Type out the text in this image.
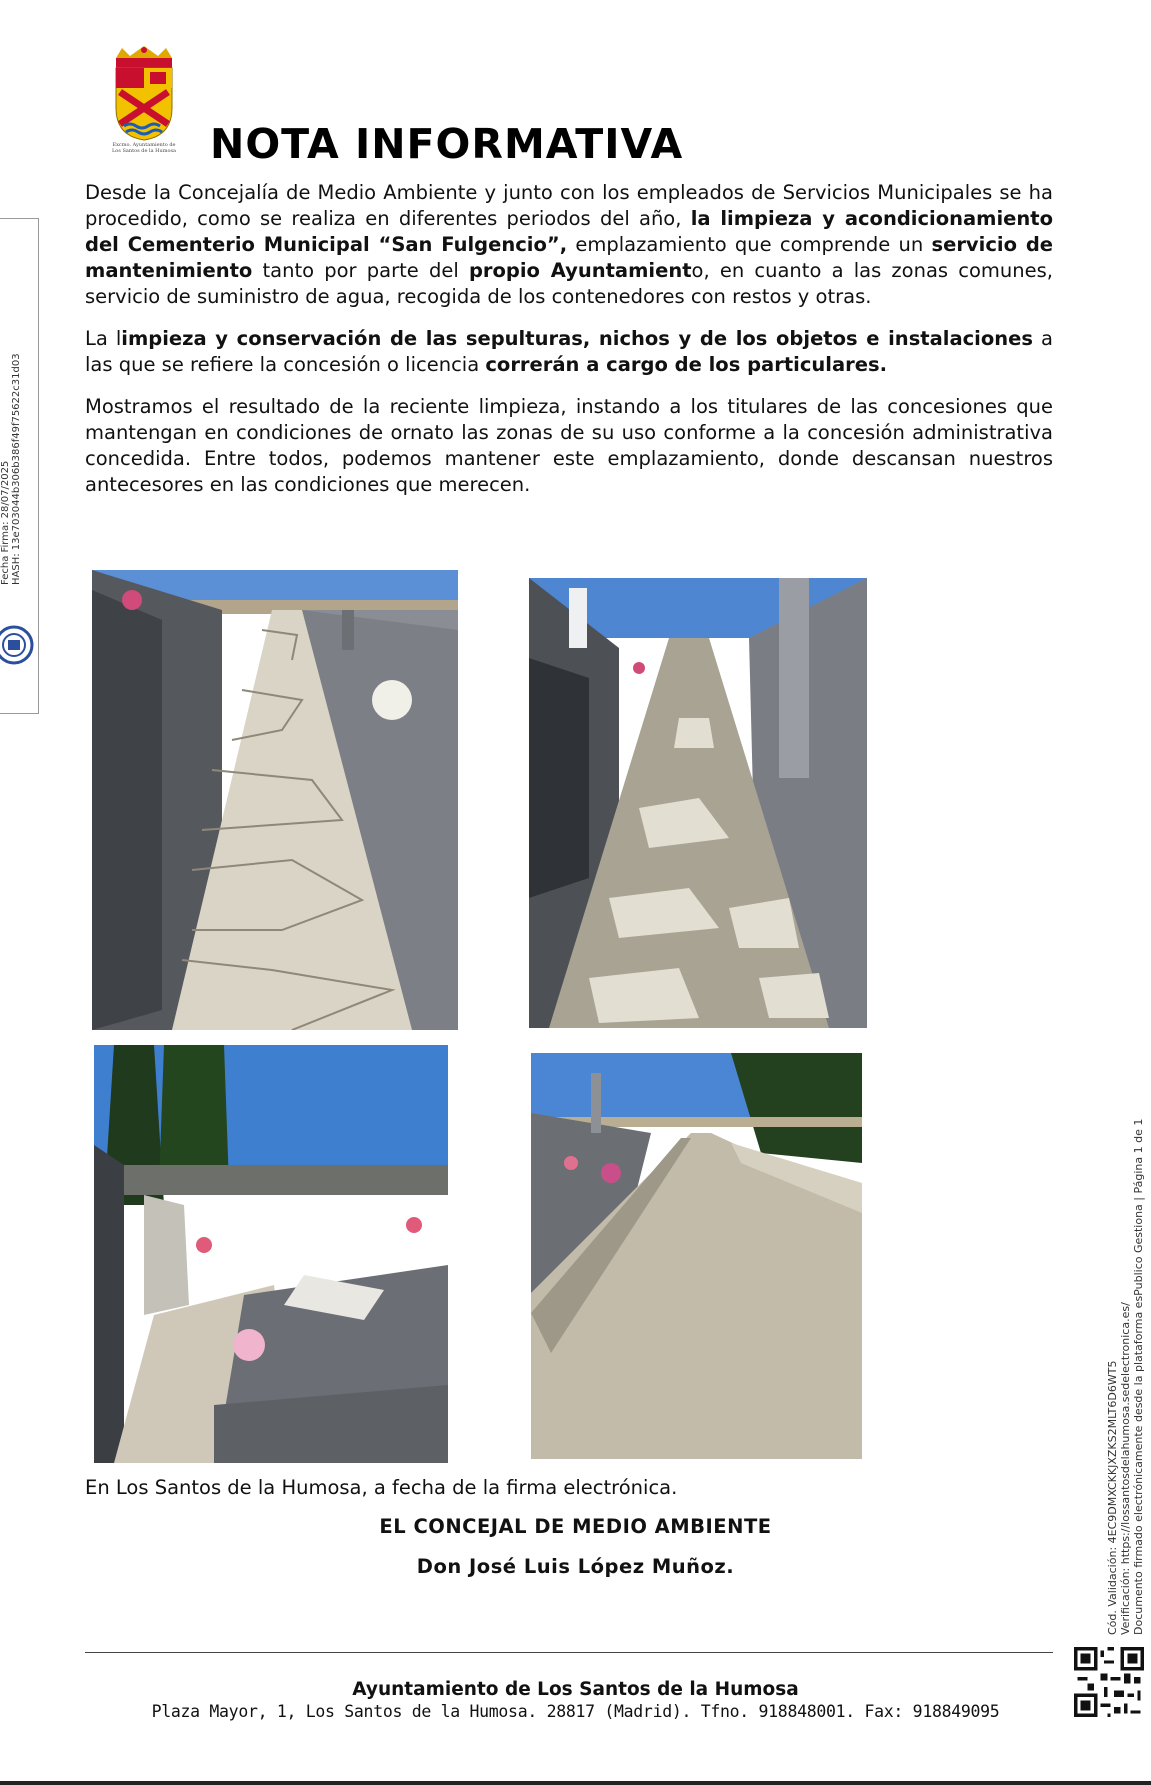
Excmo. Ayuntamiento de
Los Santos de la Humosa NOTA INFORMATIVA

Desde la Concejalía de Medio Ambiente y junto con los empleados de Servicios Municipales se ha procedido, como se realiza en diferentes periodos del año, la limpieza y acondicionamiento del Cementerio Municipal “San Fulgencio”, emplazamiento que comprende un servicio de mantenimiento tanto por parte del propio Ayuntamiento, en cuanto a las zonas comunes, servicio de suministro de agua, recogida de los contenedores con restos y otras.

La limpieza y conservación de las sepulturas, nichos y de los objetos e instalaciones a las que se refiere la concesión o licencia correrán a cargo de los particulares.

Mostramos el resultado de la reciente limpieza, instando a los titulares de las concesiones que mantengan en condiciones de ornato las zonas de su uso conforme a la concesión administrativa concedida. Entre todos, podemos mantener este emplazamiento, donde descansan nuestros antecesores en las condiciones que merecen.

En Los Santos de la Humosa, a fecha de la firma electrónica.
EL CONCEJAL DE MEDIO AMBIENTE
Don José Luis López Muñoz.
Ayuntamiento de Los Santos de la Humosa
Plaza Mayor, 1, Los Santos de la Humosa. 28817 (Madrid). Tfno. 918848001. Fax: 918849095
Fecha Firma: 28/07/2025 HASH: 13e703044b306b386f49f75622c31d03
Cód. Validación: 4EC9DMXCKKJXZKS2MLT6D6WT5 Verificación: https://lossantosdelahumosa.sedelectronica.es/ Documento firmado electrónicamente desde la plataforma esPublico Gestiona | Página 1 de 1
